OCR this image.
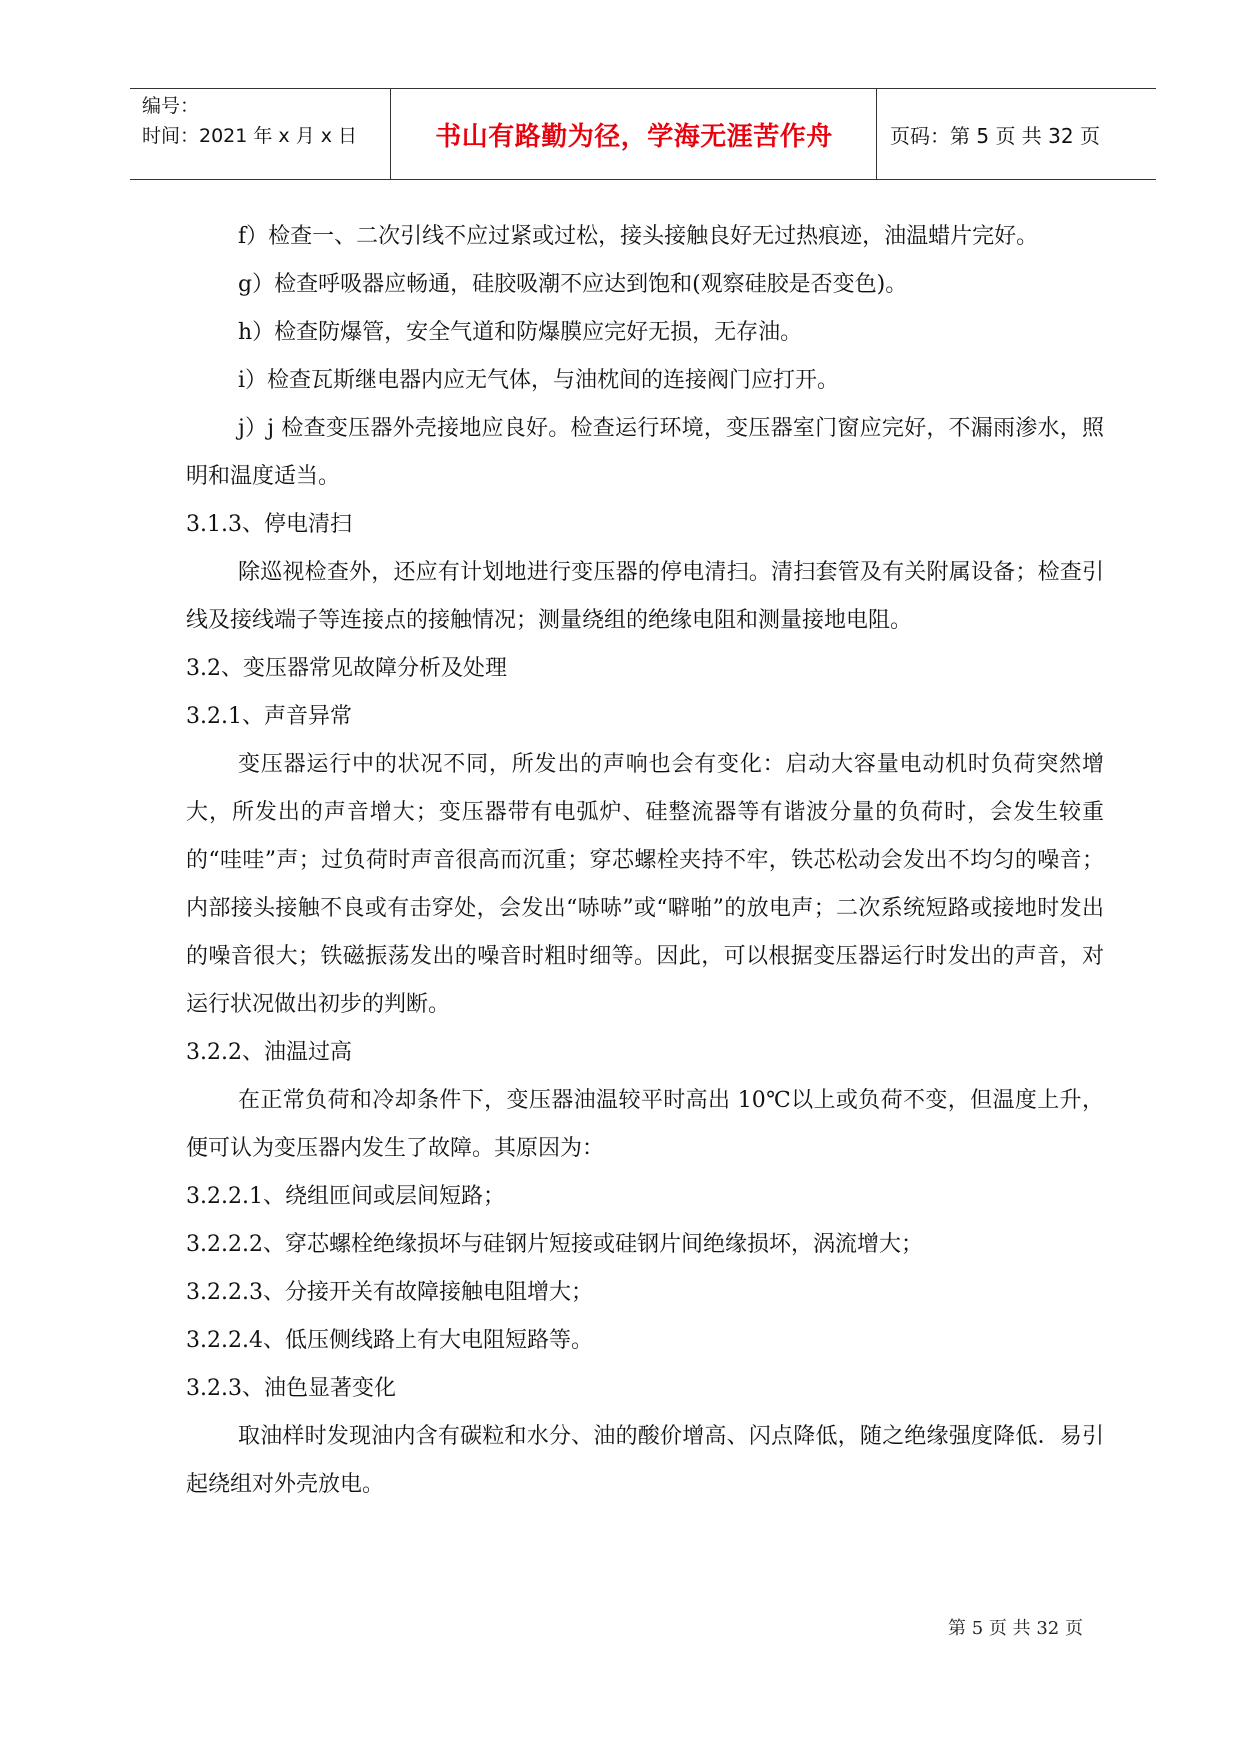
编号：
时间：2021 年 x 月 x 日	书山有路勤为径，学海无涯苦作舟	页码：第 5 页 共 32 页

f）检查一、二次引线不应过紧或过松，接头接触良好无过热痕迹，油温蜡片完好。

g）检查呼吸器应畅通，硅胶吸潮不应达到饱和(观察硅胶是否变色)。

h）检查防爆管，安全气道和防爆膜应完好无损，无存油。

i）检查瓦斯继电器内应无气体，与油枕间的连接阀门应打开。

j）j 检查变压器外壳接地应良好。检查运行环境，变压器室门窗应完好，不漏雨渗水，照明和温度适当。

3.1.3、停电清扫

除巡视检查外，还应有计划地进行变压器的停电清扫。清扫套管及有关附属设备；检查引线及接线端子等连接点的接触情况；测量绕组的绝缘电阻和测量接地电阻。

3.2、变压器常见故障分析及处理

3.2.1、声音异常

变压器运行中的状况不同，所发出的声响也会有变化：启动大容量电动机时负荷突然增大，所发出的声音增大；变压器带有电弧炉、硅整流器等有谐波分量的负荷时，会发生较重的“哇哇”声；过负荷时声音很高而沉重；穿芯螺栓夹持不牢，铁芯松动会发出不均匀的噪音；内部接头接触不良或有击穿处，会发出“哧哧”或“噼啪”的放电声；二次系统短路或接地时发出的噪音很大；铁磁振荡发出的噪音时粗时细等。因此，可以根据变压器运行时发出的声音，对运行状况做出初步的判断。

3.2.2、油温过高

在正常负荷和冷却条件下，变压器油温较平时高出 10℃以上或负荷不变，但温度上升，便可认为变压器内发生了故障。其原因为：

3.2.2.1、绕组匝间或层间短路；

3.2.2.2、穿芯螺栓绝缘损坏与硅钢片短接或硅钢片间绝缘损坏，涡流增大；

3.2.2.3、分接开关有故障接触电阻增大；

3.2.2.4、低压侧线路上有大电阻短路等。

3.2.3、油色显著变化

取油样时发现油内含有碳粒和水分、油的酸价增高、闪点降低，随之绝缘强度降低．易引起绕组对外壳放电。

第 5 页 共 32 页
